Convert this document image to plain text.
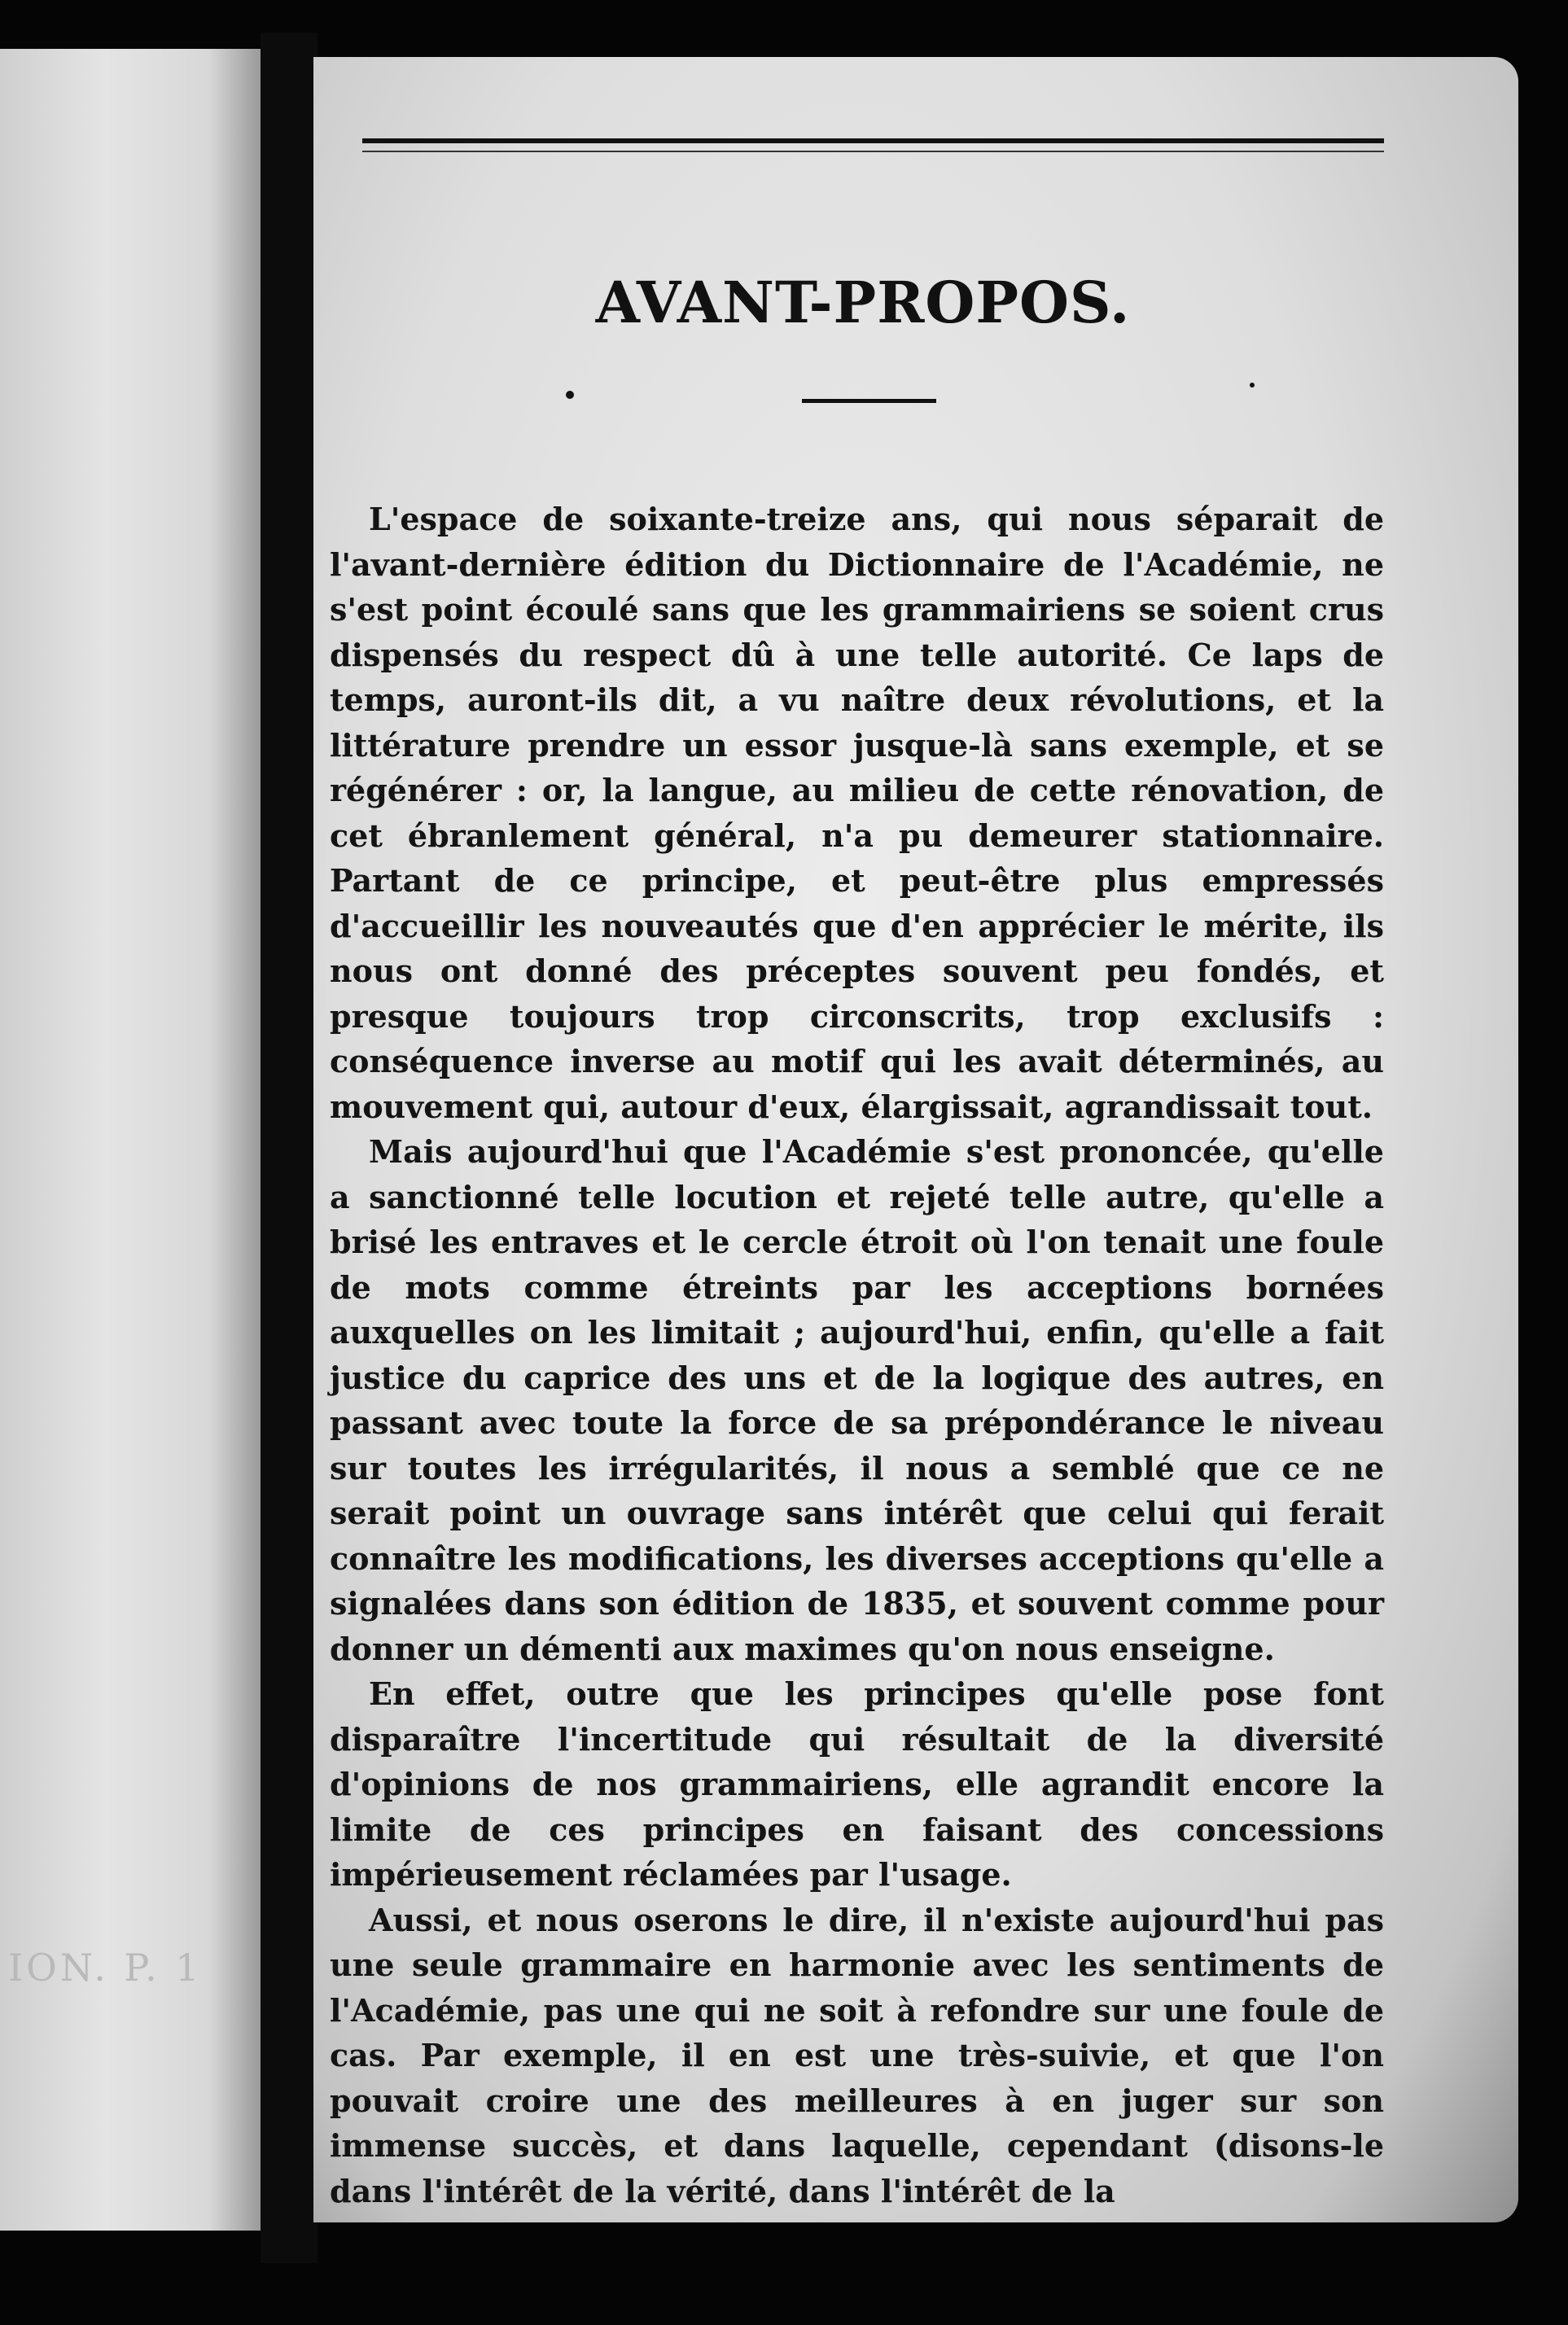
ION. P. 1
AVANT-PROPOS.

L'espace de soixante-treize ans, qui nous séparait de l'avant-dernière édition du Dictionnaire de l'Académie, ne s'est point écoulé sans que les grammairiens se soient crus dispensés du respect dû à une telle autorité. Ce laps de temps, auront-ils dit, a vu naître deux révolutions, et la littérature prendre un essor jusque-là sans exemple, et se régénérer : or, la langue, au milieu de cette rénovation, de cet ébranlement général, n'a pu demeurer stationnaire. Partant de ce principe, et peut-être plus empressés d'accueillir les nouveautés que d'en apprécier le mérite, ils nous ont donné des préceptes souvent peu fondés, et presque toujours trop circonscrits, trop exclusifs : conséquence inverse au motif qui les avait déterminés, au mouvement qui, autour d'eux, élargissait, agrandissait tout.

Mais aujourd'hui que l'Académie s'est prononcée, qu'elle a sanctionné telle locution et rejeté telle autre, qu'elle a brisé les entraves et le cercle étroit où l'on tenait une foule de mots comme étreints par les acceptions bornées auxquelles on les limitait ; aujourd'hui, enfin, qu'elle a fait justice du caprice des uns et de la logique des autres, en passant avec toute la force de sa prépondérance le niveau sur toutes les irrégularités, il nous a semblé que ce ne serait point un ouvrage sans intérêt que celui qui ferait connaître les modifications, les diverses acceptions qu'elle a signalées dans son édition de 1835, et souvent comme pour donner un démenti aux maximes qu'on nous enseigne.

En effet, outre que les principes qu'elle pose font disparaître l'incertitude qui résultait de la diversité d'opinions de nos grammairiens, elle agrandit encore la limite de ces principes en faisant des concessions impérieusement réclamées par l'usage.

Aussi, et nous oserons le dire, il n'existe aujourd'hui pas une seule grammaire en harmonie avec les sentiments de l'Académie, pas une qui ne soit à refondre sur une foule de cas. Par exemple, il en est une très-suivie, et que l'on pouvait croire une des meilleures à en juger sur son immense succès, et dans laquelle, cependant (disons-le dans l'intérêt de la vérité, dans l'intérêt de la
